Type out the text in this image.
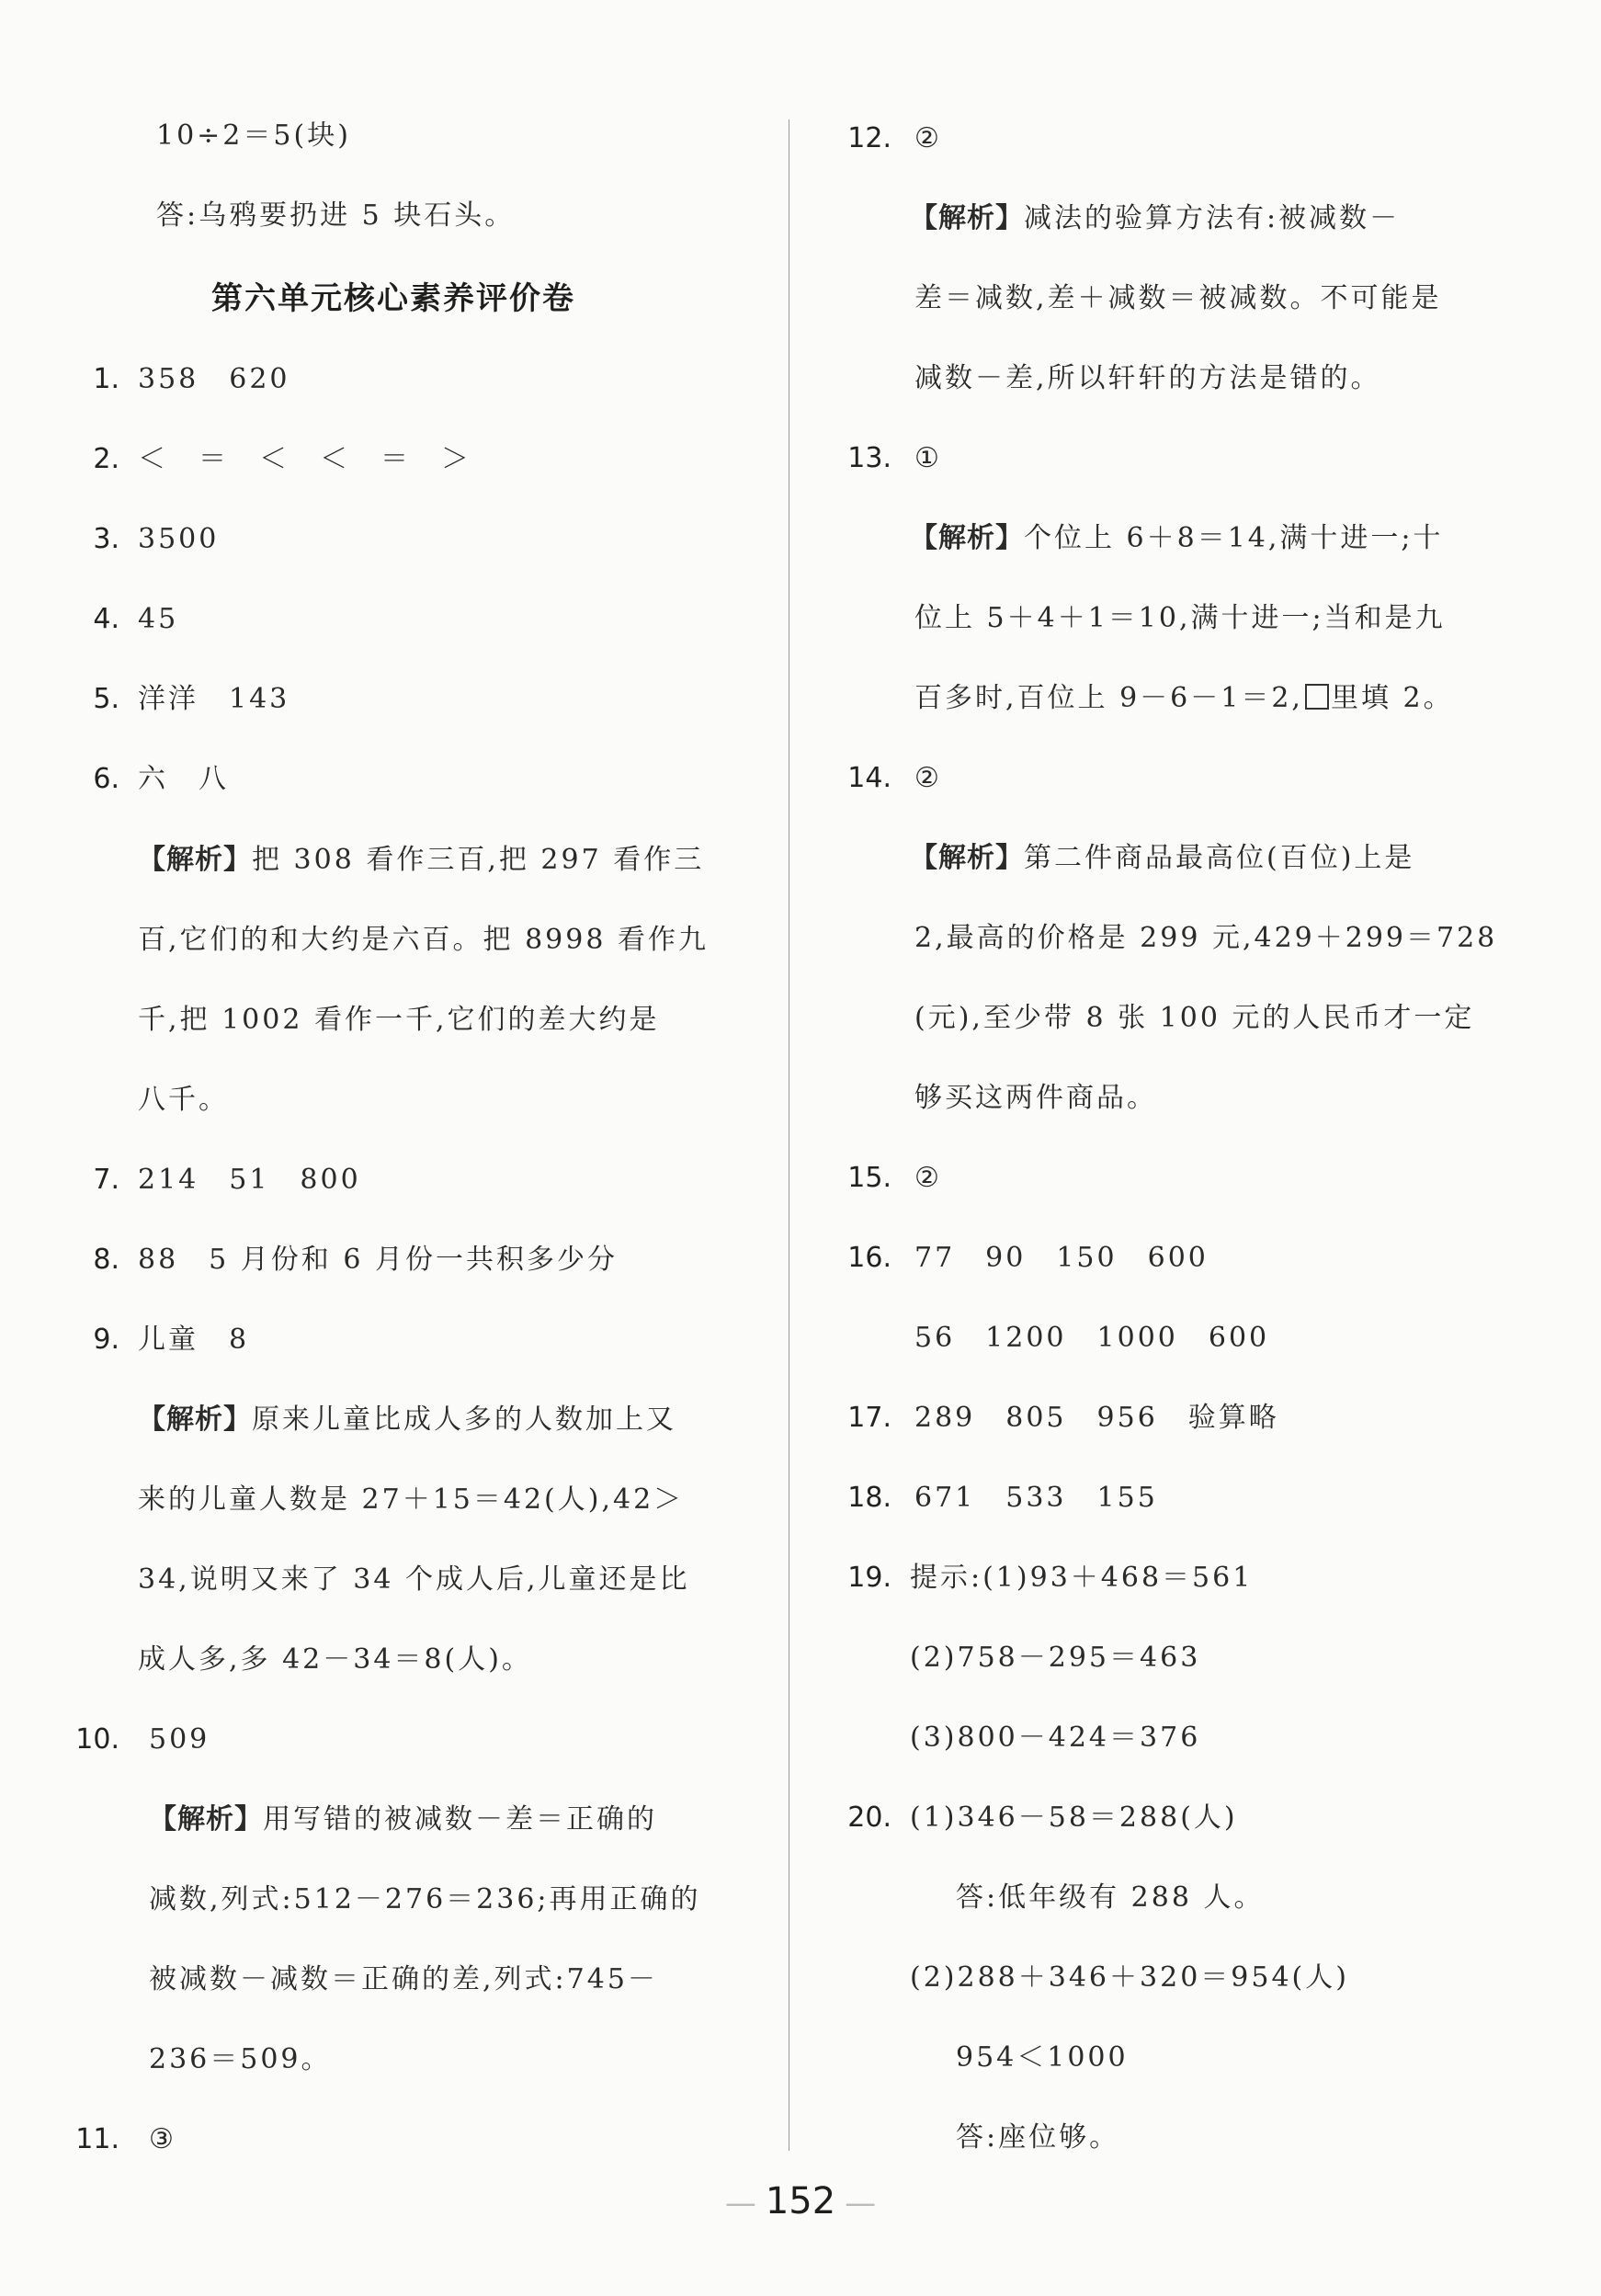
10÷2＝5(块)
答:乌鸦要扔进 5 块石头。
第六单元核心素养评价卷
1. 358　620
2. ＜　＝　＜　＜　＝　＞
3. 3500
4. 45
5. 洋洋　143
6. 六　八
【解析】把 308 看作三百,把 297 看作三
百,它们的和大约是六百。把 8998 看作九
千,把 1002 看作一千,它们的差大约是
八千。
7. 214　51　800
8. 88　5 月份和 6 月份一共积多少分
9. 儿童　8
【解析】原来儿童比成人多的人数加上又
来的儿童人数是 27＋15＝42(人),42＞
34,说明又来了 34 个成人后,儿童还是比
成人多,多 42－34＝8(人)。
10. 509
【解析】用写错的被减数－差＝正确的
减数,列式:512－276＝236;再用正确的
被减数－减数＝正确的差,列式:745－
236＝509。
11. ③
12. ②
【解析】减法的验算方法有:被减数－
差＝减数,差＋减数＝被减数。不可能是
减数－差,所以轩轩的方法是错的。
13. ①
【解析】个位上 6＋8＝14,满十进一;十
位上 5＋4＋1＝10,满十进一;当和是九
百多时,百位上 9－6－1＝2, 里填 2。
14. ②
【解析】第二件商品最高位(百位)上是
2,最高的价格是 299 元,429＋299＝728
(元),至少带 8 张 100 元的人民币才一定
够买这两件商品。
15. ②
16. 77　90　150　600
56　1200　1000　600
17. 289　805　956　验算略
18. 671　533　155
19. 提示:(1)93＋468＝561
(2)758－295＝463
(3)800－424＝376
20. (1)346－58＝288(人)
答:低年级有 288 人。
(2)288＋346＋320＝954(人)
954＜1000
答:座位够。
— 152 —
